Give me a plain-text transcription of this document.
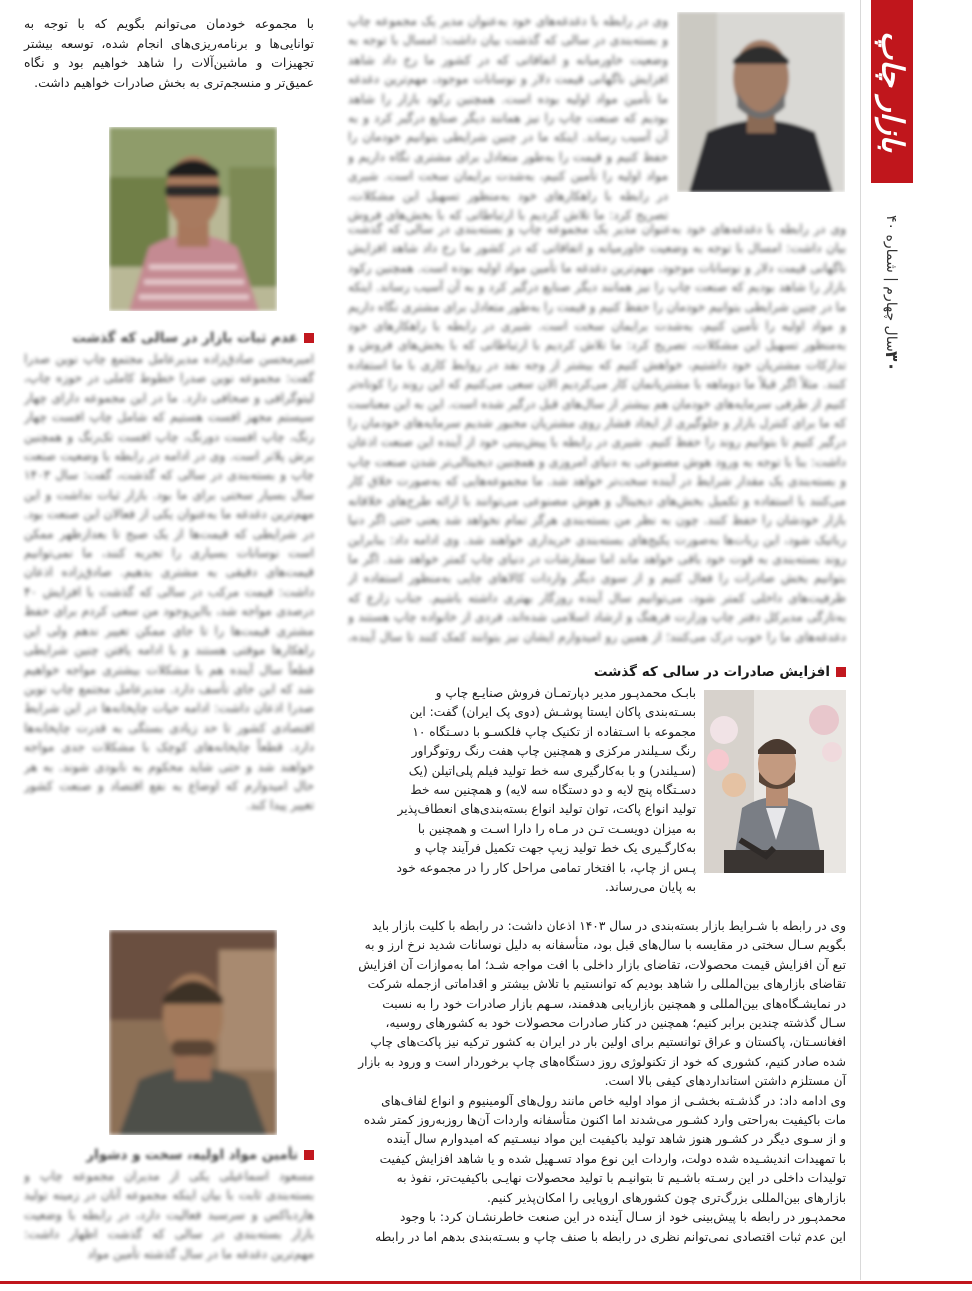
بازار چاپ
۳۰
سال چهارم | شماره ۴۰
با مجموعه خودمان می‌توانم بگویم که با توجه به توانایی‌ها و برنامه‌ریزی‌های انجام شده، توسعه بیشتر تجهیزات و ماشین‌آلات را شاهد خواهیم بود و نگاه عمیق‌تر و منسجم‌تری به بخش صادرات خواهیم داشت.
عدم ثبات بازار در سالی که گذشت
امیرمحسن صادق‌زاده مدیرعامل مجتمع چاپ نوین صدرا گفت: مجموعه نوین صدرا خطوط کاملی در حوزه چاپ، لیتوگرافی و صحافی دارد. ما در این مجموعه دارای چهار سیستم مجهز افست هستیم که شامل چاپ افست چهار رنگ، چاپ افست دورنگ، چاپ افست تک‌رنگ و همچنین برش پلاتر است. وی در ادامه در رابطه با وضعیت صنعت چاپ و بسته‌بندی در سالی که گذشت، گفت: سال ۱۴۰۳ سال بسیار سختی برای ما بود. بازار ثبات نداشت و این مهم‌ترین دغدغه ما به‌عنوان یکی از فعالان این صنعت بود. در شرایطی که قیمت‌ها از یک صبح تا بعدازظهر ممکن است نوسانات بسیاری را تجربه کنند، ما نمی‌توانیم قیمت‌های دقیقی به مشتری بدهیم. صادق‌زاده اذعان داشت: قیمت مرکب در سالی که گذشت با افزایش ۴۰ درصدی مواجه شد، بااین‌وجود من سعی کردم برای حفظ مشتری قیمت‌ها را تا جای ممکن تغییر ندهم ولی این راهکارها موقتی هستند و با ادامه یافتن چنین شرایطی قطعاً سال آینده هم با مشکلات بیشتری مواجه خواهیم شد که این جای تأسف دارد. مدیرعامل مجتمع چاپ نوین صدرا اذعان داشت: ادامه حیات چاپخانه‌ها در این شرایط اقتصادی کشور تا حد زیادی بستگی به قدرت چاپخانه‌ها دارد. قطعاً چاپخانه‌های کوچک با مشکلات جدی مواجه خواهند شد و حتی شاید محکوم به نابودی شوند. به هر حال امیدوارم که اوضاع به نفع اقتصاد و صنعت کشور تغییر پیدا کند.
تأمین مواد اولیه، سخت و دشوار
مسعود اسماعیلی یکی از مدیران مجموعه چاپ و بسته‌بندی ثابت با بیان اینکه مجموعه آنان در زمینه تولید هارد‌باکس و سرسبد فعالیت دارد، در رابطه با وضعیت بازار بسته‌بندی در سالی که گذشت اظهار داشت: مهم‌ترین دغدغه ما در سال گذشته تأمین مواد
وی در رابطه با دغدغه‌های خود به‌عنوان مدیر یک مجموعه چاپ و بسته‌بندی در سالی که گذشت بیان داشت: امسال با توجه به وضعیت خاورمیانه و اتفاقاتی که در کشور ما رخ داد شاهد افزایش ناگهانی قیمت دلار و نوسانات موجود، مهم‌ترین دغدغه ما تأمین مواد اولیه بوده است. همچنین رکود بازار را شاهد بودیم که صنعت چاپ را نیز همانند دیگر صنایع درگیر کرد و به آن آسیب رساند. اینکه ما در چنین شرایطی بتوانیم خودمان را حفظ کنیم و قیمت را به‌طور متعادل برای مشتری نگاه داریم و مواد اولیه را تأمین کنیم، به‌شدت برایمان سخت است. شیری در رابطه با راهکارهای خود به‌منظور تسهیل این مشکلات، تصریح کرد: ما تلاش کردیم با ارتباطاتی که با بخش‌های فروش
وی در رابطه با دغدغه‌های خود به‌عنوان مدیر یک مجموعه چاپ و بسته‌بندی در سالی که گذشت بیان داشت: امسال با توجه به وضعیت خاورمیانه و اتفاقاتی که در کشور ما رخ داد شاهد افزایش ناگهانی قیمت دلار و نوسانات موجود، مهم‌ترین دغدغه ما تأمین مواد اولیه بوده است. همچنین رکود بازار را شاهد بودیم که صنعت چاپ را نیز همانند دیگر صنایع درگیر کرد و به آن آسیب رساند. اینکه ما در چنین شرایطی بتوانیم خودمان را حفظ کنیم و قیمت را به‌طور متعادل برای مشتری نگاه داریم و مواد اولیه را تأمین کنیم، به‌شدت برایمان سخت است. شیری در رابطه با راهکارهای خود به‌منظور تسهیل این مشکلات، تصریح کرد: ما تلاش کردیم با ارتباطاتی که با بخش‌های فروش و تدارکات مشتریان خود داشتیم، خواهش کنیم که بیشتر از وجه نقد در روابط کاری با ما استفاده کنند. مثلاً اگر قبلاً ما دوماهه با مشتریانمان کار می‌کردیم الان سعی می‌کنیم که این روند را کوتاه‌تر کنیم از طرفی سرمایه‌های خودمان هم بیشتر از سال‌های قبل درگیر شده است. این به این معناست که ما برای کنترل بازار و جلوگیری از ایجاد فشار روی مشتریان مجبور شدیم سرمایه‌های خودمان را درگیر کنیم تا بتوانیم روند را حفظ کنیم. شیری در رابطه با پیش‌بینی خود از آینده این صنعت اذعان داشت: بنا با توجه به ورود هوش مصنوعی به دنیای امروزی و همچنین دیجیتالی‌تر شدن صنعت چاپ و بسته‌بندی یک مقدار شرایط در آینده سخت‌تر خواهد شد. ما مجموعه‌هایی که به‌صورت خلاق کار می‌کنند با استفاده و تکمیل بخش‌های دیجیتال و هوش مصنوعی می‌توانند با ارائه طرح‌های خلاقانه بازار خودشان را حفظ کنند. چون به نظر من بسته‌بندی هرگز تمام نخواهد شد یعنی حتی اگر دنیا رباتیک شود، این ربات‌ها به‌صورت پکیج‌های بسته‌بندی خریداری خواهند شد. وی ادامه داد: بنابراین روند بسته‌بندی به قوت خود باقی خواهد ماند اما سفارشات در دنیای چاپ کمتر خواهد شد. اگر ما بتوانیم بخش صادرات را فعال کنیم و از سوی دیگر واردات کالاهای چاپی به‌منظور استفاده از ظرفیت‌های داخلی کمتر شود، می‌توانیم سال آینده روزگار بهتری داشته باشیم. جناب زارع که به‌تازگی مدیرکل دفتر چاپ وزارت فرهنگ و ارشاد اسلامی شده‌اند، فردی از خانواده چاپ هستند و دغدغه‌های ما را خوب درک می‌کنند؛ از همین رو امیدوارم ایشان نیز بتوانند کمک کنند تا سال آینده،
افزایش صادرات در سالی که گذشت
بابـک محمدپـور مدیر دپارتمـان فروش صنایـع چاپ و
بسـته‌بندی پاکان ایستا پوشـش (دوی پک ایران) گفت: این
مجموعه با اسـتفاده از تکنیک چاپ فلکسـو با دسـتگاه ۱۰
رنگ سـیلندر مرکزی و همچنین چاپ هفت رنگ روتوگراور
(سـیلندر) و با به‌کارگیری سه خط تولید فیلم پلی‌اتیلن (یک
دسـتگاه پنج لایه و دو دستگاه سه لایه) و همچنین سه خط
تولید انواع پاکت، توان تولید انواع بسته‌بندی‌های انعطاف‌پذیر
به میزان دویسـت تـن در مـاه را دارا اسـت و همچنین با
به‌کارگـیری یک خط تولید زیپ جهت تکمیل فرآیند چاپ و
پـس از چاپ، با افتخار تمامی مراحل کار را در مجموعه خود
به پایان می‌رساند.
وی در رابطه با شـرایط بازار بسته‌بندی در سال ۱۴۰۳ اذعان داشت: در رابطه با کلیت بازار باید
بگویم سـال سختی در مقایسه با سال‌های قبل بود، متأسفانه به دلیل نوسانات شدید نرخ ارز و به
تبع آن افزایش قیمت محصولات، تقاضای بازار داخلی با افت مواجه شـد؛ اما به‌موازات آن افزایش
تقاضای بازارهای بین‌المللی را شاهد بودیم که توانستیم با تلاش بیشتر و اقداماتی ازجمله شرکت
در نمایشـگاه‌های بین‌المللی و همچنین بازاریابی هدفمند، سـهم بازار صادرات خود را به نسبت
سـال گذشته چندین برابر کنیم؛ همچنین در کنار صادرات محصولات خود به کشورهای روسیه،
افغانسـتان، پاکستان و عراق توانستیم برای اولین بار در ایران به کشور ترکیه نیز پاکت‌های چاپ
شده صادر کنیم، کشوری که خود از تکنولوژی روز دستگاه‌های چاپ برخوردار است و ورود به بازار
آن مستلزم داشتن استانداردهای کیفی بالا است.
وی ادامه داد: در گذشـته بخشـی از مواد اولیه خاص مانند رول‌های آلومینیوم و انواع لفاف‌های
مات باکیفیت به‌راحتی وارد کشـور می‌شدند اما اکنون متأسفانه واردات آن‌ها روزبه‌روز کمتر شده
و از سـوی دیگر در کشـور هنوز شاهد تولید باکیفیت این مواد نیسـتیم که امیدوارم سال آینده
با تمهیدات اندیشـیده شده دولت، واردات این نوع مواد تسـهیل شده و یا شاهد افزایش کیفیت
تولیدات داخلی در این رسـته باشـیم تا بتوانیـم با تولید محصولات نهایـی باکیفیت‌تر، نفوذ به
بازارهای بین‌المللی بزرگ‌تری چون کشورهای اروپایی را امکان‌پذیر کنیم.
محمدپـور در رابطه با پیش‌بینی خود از سـال آینده در این صنعت خاطرنشـان کرد: با وجود
این عدم ثبات اقتصادی نمی‌توانم نظری در رابطه با صنف چاپ و بسـته‌بندی بدهم اما در رابطه
